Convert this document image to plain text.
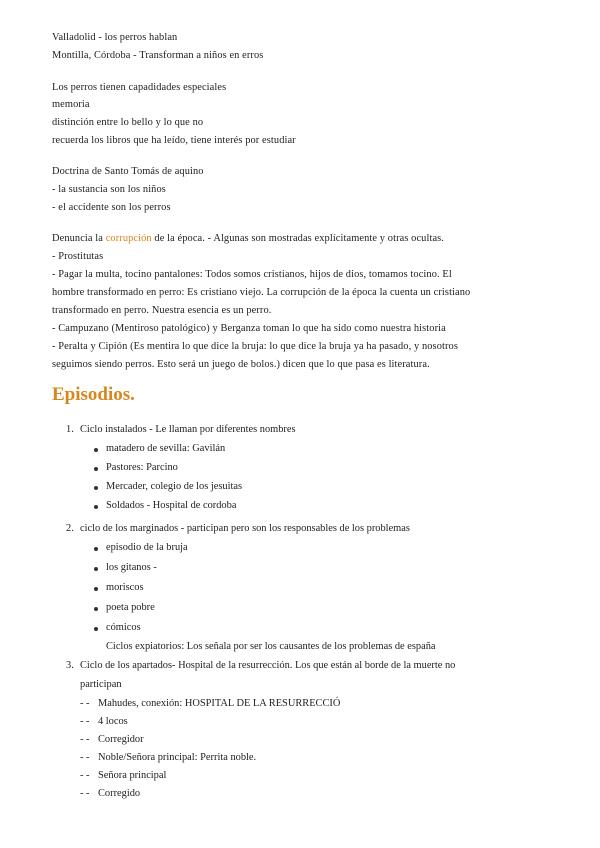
Valladolid - los perros hablan
Montilla, Córdoba - Transforman a niños en erros
Los perros tienen capadidades especiales
memoria
distinción entre lo bello y lo que no
recuerda los libros que ha leído, tiene interés por estudiar
Doctrina de Santo Tomás de aquino
- la sustancia son los niños
- el accidente son los perros
Denuncia la corrupción de la época. - Algunas son mostradas explícitamente y otras ocultas.
- Prostitutas
- Pagar la multa, tocino pantalones: Todos somos cristianos, hijos de dios, tomamos tocino. El
hombre transformado en perro: Es cristiano viejo. La corrupción de la época la cuenta un cristiano
transformado en perro. Nuestra esencia es un perro.
- Campuzano (Mentiroso patológico) y Berganza toman lo que ha sido como nuestra historia
- Peralta y Cipión (Es mentira lo que dice la bruja: lo que dice la bruja ya ha pasado, y nosotros
seguimos siendo perros. Esto será un juego de bolos.) dicen que lo que pasa es literatura.
Episodios.
1. Ciclo instalados - Le llaman por diferentes nombres
matadero de sevilla: Gavilán
Pastores: Parcino
Mercader, colegio de los jesuitas
Soldados - Hospital de cordoba
2. ciclo de los marginados - participan pero son los responsables de los problemas
episodio de la bruja
los gitanos -
moriscos
poeta pobre
cómicos
Ciclos expiatorios: Los señala por ser los causantes de los problemas de españa
3. Ciclo de los apartados- Hospital de la resurrección. Los que están al borde de la muerte no
participan
- - Mahudes, conexión: HOSPITAL DE LA RESURRECCIÓ
- - 4 locos
- - Corregidor
- - Noble/Señora principal: Perrita noble.
- - Señora principal
- - Corregido
